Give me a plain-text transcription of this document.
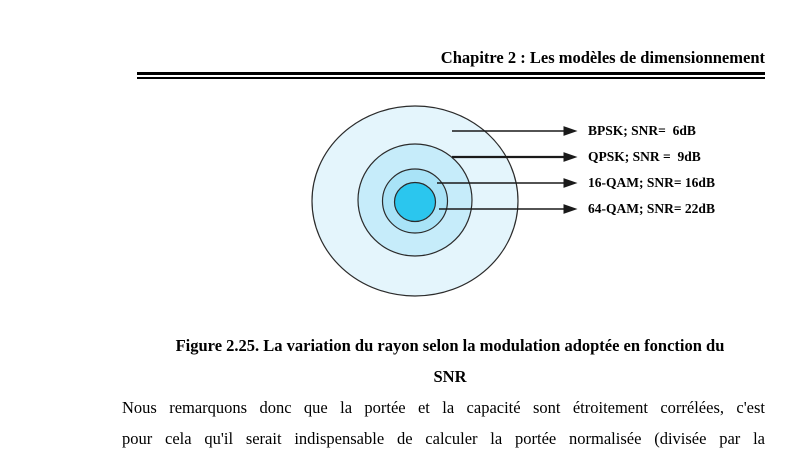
Chapitre 2 : Les modèles de dimensionnement
BPSK; SNR=  6dB
QPSK; SNR =  9dB
16-QAM; SNR= 16dB
64-QAM; SNR= 22dB
Figure 2.25. La variation du rayon selon la modulation adoptée en fonction du
SNR
Nous remarquons donc que la portée et la capacité sont étroitement corrélées, c'est
pour cela qu'il serait indispensable de calculer la portée normalisée (divisée par la
